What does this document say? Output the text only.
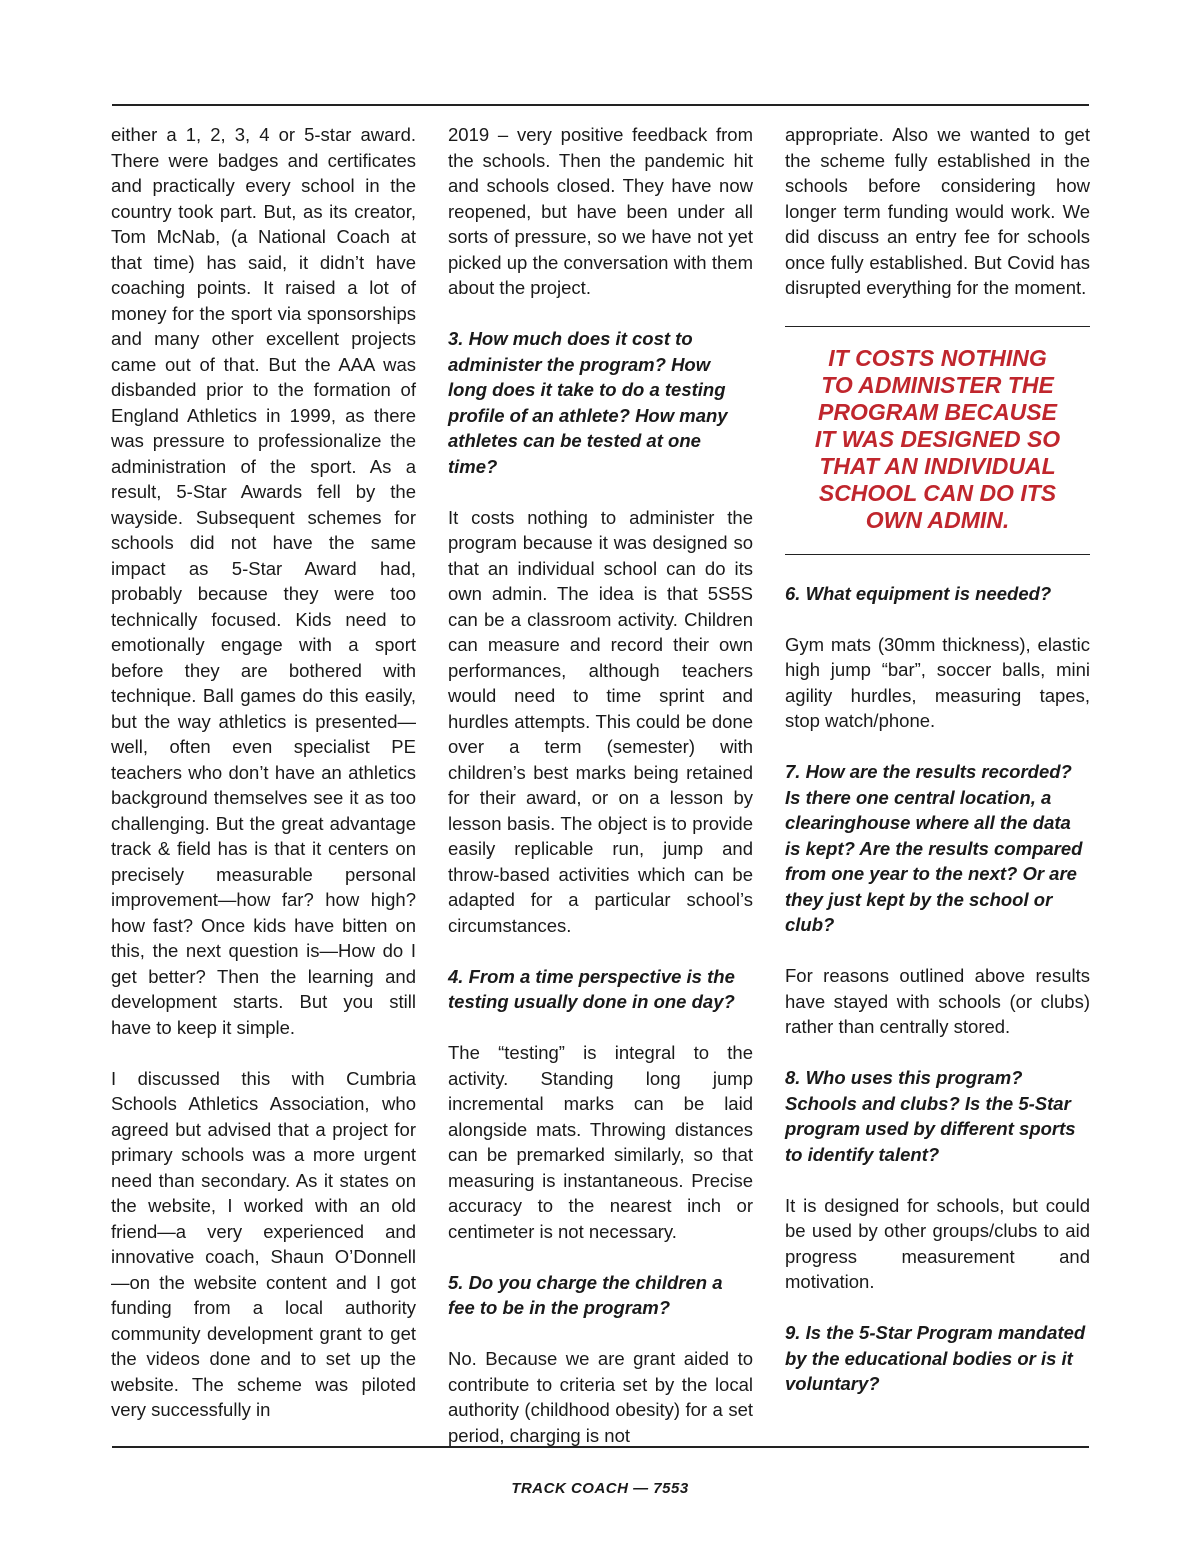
either a 1, 2, 3, 4 or 5-star award. There were badges and certificates and practically every school in the country took part. But, as its creator, Tom McNab, (a National Coach at that time) has said, it didn’t have coaching points. It raised a lot of money for the sport via sponsorships and many other excellent projects came out of that. But the AAA was disbanded prior to the formation of England Athletics in 1999, as there was pressure to professionalize the administration of the sport. As a result, 5-Star Awards fell by the wayside. Subsequent schemes for schools did not have the same impact as 5-Star Award had, probably because they were too technically focused. Kids need to emotionally engage with a sport before they are bothered with technique. Ball games do this easily, but the way athletics is presented—well, often even specialist PE teachers who don’t have an athletics background themselves see it as too challenging. But the great advantage track & field has is that it centers on precisely measurable personal improvement—how far? how high? how fast? Once kids have bitten on this, the next question is—How do I get better? Then the learning and development starts. But you still have to keep it simple.

I discussed this with Cumbria Schools Athletics Association, who agreed but advised that a project for primary schools was a more urgent need than secondary. As it states on the website, I worked with an old friend—a very experienced and innovative coach, Shaun O’Donnell—on the website content and I got funding from a local authority community development grant to get the videos done and to set up the website. The scheme was piloted very successfully in

2019 – very positive feedback from the schools. Then the pandemic hit and schools closed. They have now reopened, but have been under all sorts of pressure, so we have not yet picked up the conversation with them about the project.

3. How much does it cost to administer the program? How long does it take to do a testing profile of an athlete? How many athletes can be tested at one time?

It costs nothing to administer the program because it was designed so that an individual school can do its own admin. The idea is that 5S5S can be a classroom activity. Children can measure and record their own performances, although teachers would need to time sprint and hurdles attempts. This could be done over a term (semester) with children’s best marks being retained for their award, or on a lesson by lesson basis. The object is to provide easily replicable run, jump and throw-based activities which can be adapted for a particular school’s circumstances.

4. From a time perspective is the testing usually done in one day?

The “testing” is integral to the activity. Standing long jump incremental marks can be laid alongside mats. Throwing distances can be premarked similarly, so that measuring is instantaneous. Precise accuracy to the nearest inch or centimeter is not necessary.

5. Do you charge the children a fee to be in the program?

No. Because we are grant aided to contribute to criteria set by the local authority (childhood obesity) for a set period, charging is not

appropriate. Also we wanted to get the scheme fully established in the schools before considering how longer term funding would work. We did discuss an entry fee for schools once fully established. But Covid has disrupted everything for the moment.

IT COSTS NOTHING
TO ADMINISTER THE
PROGRAM BECAUSE
IT WAS DESIGNED SO
THAT AN INDIVIDUAL
SCHOOL CAN DO ITS
OWN ADMIN.

6. What equipment is needed?

Gym mats (30mm thickness), elastic high jump “bar”, soccer balls, mini agility hurdles, measuring tapes, stop watch/phone.

7. How are the results recorded? Is there one central location, a clearinghouse where all the data is kept? Are the results compared from one year to the next? Or are they just kept by the school or club?

For reasons outlined above results have stayed with schools (or clubs) rather than centrally stored.

8. Who uses this program? Schools and clubs? Is the 5-Star program used by different sports to identify talent?

It is designed for schools, but could be used by other groups/clubs to aid progress measurement and motivation.

9. Is the 5-Star Program mandated by the educational bodies or is it voluntary?

TRACK COACH — 7553
